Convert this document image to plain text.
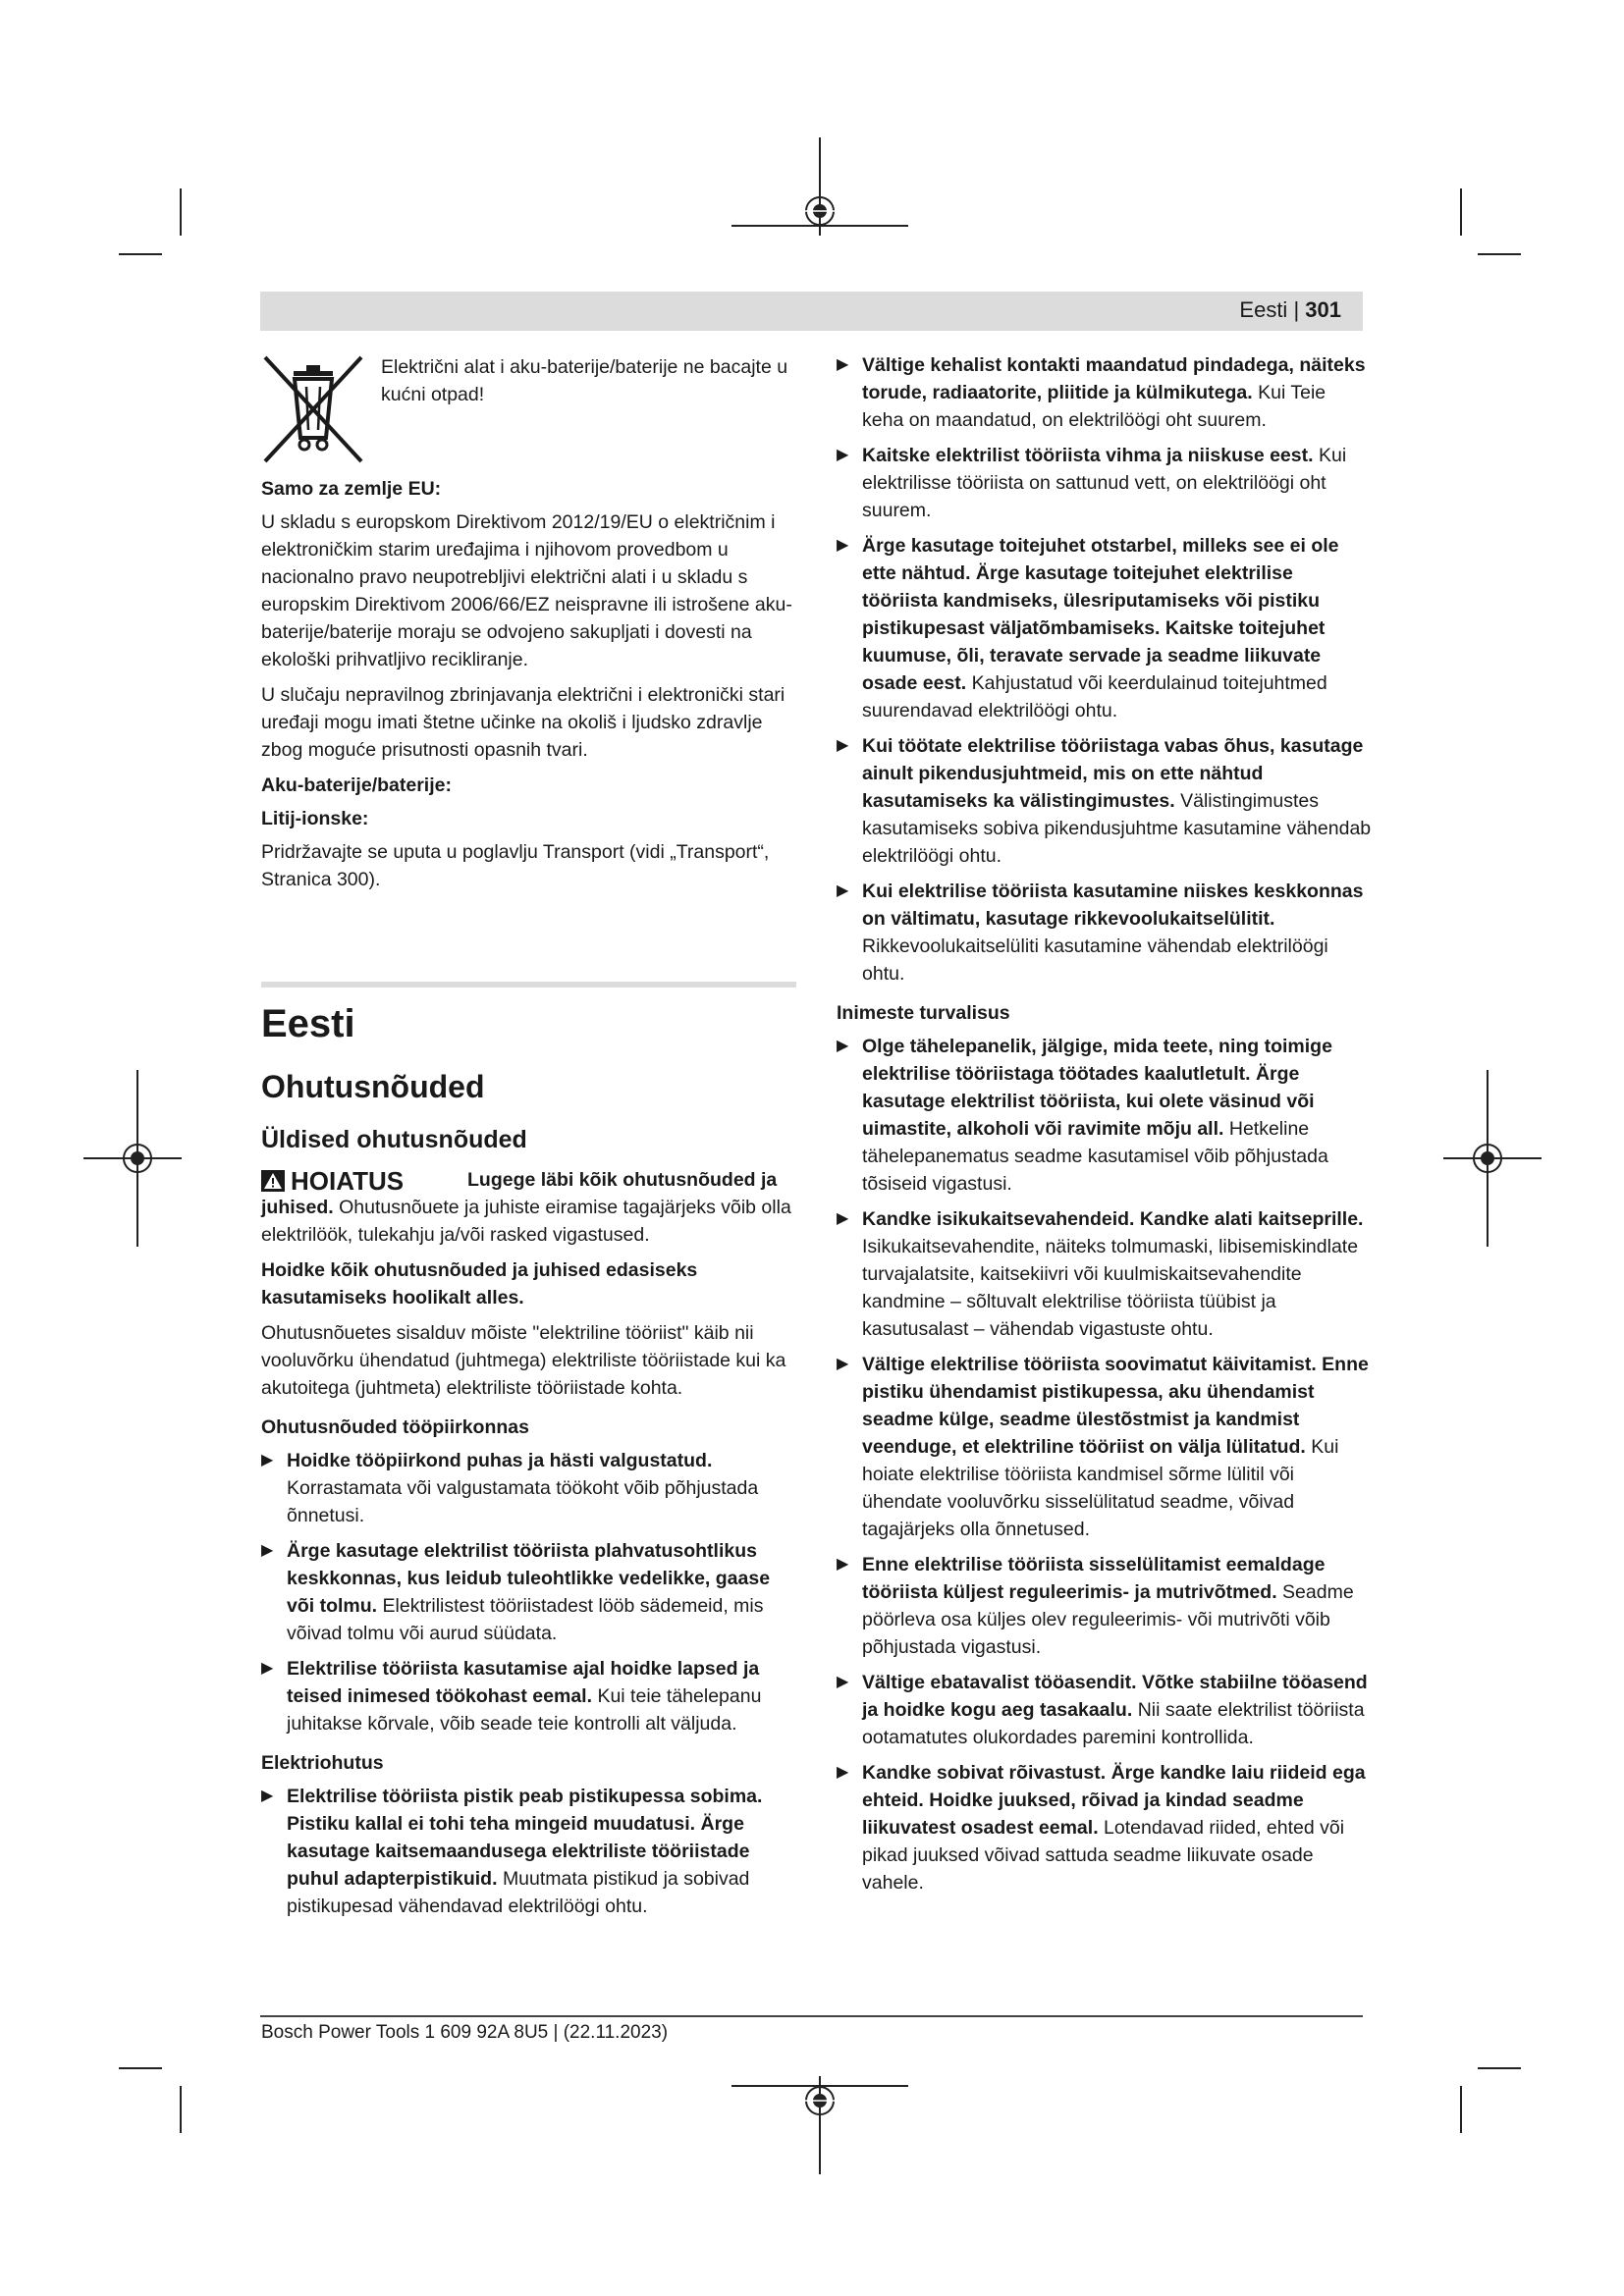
Eesti | 301
Električni alat i aku-baterije/baterije ne bacajte u kućni otpad!
Samo za zemlje EU:

U skladu s europskom Direktivom 2012/19/EU o električnim i elektroničkim starim uređajima i njihovom provedbom u nacionalno pravo neupotrebljivi električni alati i u skladu s europskim Direktivom 2006/66/EZ neispravne ili istrošene aku-baterije/baterije moraju se odvojeno sakupljati i dovesti na ekološki prihvatljivo recikliranje.

U slučaju nepravilnog zbrinjavanja električni i elektronički stari uređaji mogu imati štetne učinke na okoliš i ljudsko zdravlje zbog moguće prisutnosti opasnih tvari.

Aku-baterije/baterije:
Litij-ionske:

Pridržavajte se uputa u poglavlju Transport (vidi „Transport“, Stranica 300).

Eesti
Ohutusnõuded
Üldised ohutusnõuded
HOIATUS	Lugege läbi kõik ohutusnõuded ja juhised. Ohutusnõuete ja juhiste eiramise tagajärjeks võib olla elektrilöök, tulekahju ja/või rasked vigastused.

Hoidke kõik ohutusnõuded ja juhised edasiseks kasutamiseks hoolikalt alles.

Ohutusnõuetes sisalduv mõiste "elektriline tööriist" käib nii vooluvõrku ühendatud (juhtmega) elektriliste tööriistade kui ka akutoitega (juhtmeta) elektriliste tööriistade kohta.

Ohutusnõuded tööpiirkonnas
▶ Hoidke tööpiirkond puhas ja hästi valgustatud. Korrastamata või valgustamata töökoht võib põhjustada õnnetusi.
▶ Ärge kasutage elektrilist tööriista plahvatusohtlikus keskkonnas, kus leidub tuleohtlikke vedelikke, gaase või tolmu. Elektrilistest tööriistadest lööb sädemeid, mis võivad tolmu või aurud süüdata.
▶ Elektrilise tööriista kasutamise ajal hoidke lapsed ja teised inimesed töökohast eemal. Kui teie tähelepanu juhitakse kõrvale, võib seade teie kontrolli alt väljuda.
Elektriohutus
▶ Elektrilise tööriista pistik peab pistikupessa sobima. Pistiku kallal ei tohi teha mingeid muudatusi. Ärge kasutage kaitsemaandusega elektriliste tööriistade puhul adapterpistikuid. Muutmata pistikud ja sobivad pistikupesad vähendavad elektrilöögi ohtu.
▶ Vältige kehalist kontakti maandatud pindadega, näiteks torude, radiaatorite, pliitide ja külmikutega. Kui Teie keha on maandatud, on elektrilöögi oht suurem.
▶ Kaitske elektrilist tööriista vihma ja niiskuse eest. Kui elektrilisse tööriista on sattunud vett, on elektrilöögi oht suurem.
▶ Ärge kasutage toitejuhet otstarbel, milleks see ei ole ette nähtud. Ärge kasutage toitejuhet elektrilise tööriista kandmiseks, ülesriputamiseks või pistiku pistikupesast väljatõmbamiseks. Kaitske toitejuhet kuumuse, õli, teravate servade ja seadme liikuvate osade eest. Kahjustatud või keerdulainud toitejuhtmed suurendavad elektrilöögi ohtu.
▶ Kui töötate elektrilise tööriistaga vabas õhus, kasutage ainult pikendusjuhtmeid, mis on ette nähtud kasutamiseks ka välistingimustes. Välistingimustes kasutamiseks sobiva pikendusjuhtme kasutamine vähendab elektrilöögi ohtu.
▶ Kui elektrilise tööriista kasutamine niiskes keskkonnas on vältimatu, kasutage rikkevoolukaitselülitit. Rikkevoolukaitselüliti kasutamine vähendab elektrilöögi ohtu.
Inimeste turvalisus
▶ Olge tähelepanelik, jälgige, mida teete, ning toimige elektrilise tööriistaga töötades kaalutletult. Ärge kasutage elektrilist tööriista, kui olete väsinud või uimastite, alkoholi või ravimite mõju all. Hetkeline tähelepanematus seadme kasutamisel võib põhjustada tõsiseid vigastusi.
▶ Kandke isikukaitsevahendeid. Kandke alati kaitseprille. Isikukaitsevahendite, näiteks tolmumaski, libisemiskindlate turvajalatsite, kaitsekiivri või kuulmiskaitsevahendite kandmine – sõltuvalt elektrilise tööriista tüübist ja kasutusalast – vähendab vigastuste ohtu.
▶ Vältige elektrilise tööriista soovimatut käivitamist. Enne pistiku ühendamist pistikupessa, aku ühendamist seadme külge, seadme ülestõstmist ja kandmist veenduge, et elektriline tööriist on välja lülitatud. Kui hoiate elektrilise tööriista kandmisel sõrme lülitil või ühendate vooluvõrku sisselülitatud seadme, võivad tagajärjeks olla õnnetused.
▶ Enne elektrilise tööriista sisselülitamist eemaldage tööriista küljest reguleerimis- ja mutrivõtmed. Seadme pöörleva osa küljes olev reguleerimis- või mutrivõti võib põhjustada vigastusi.
▶ Vältige ebatavalist tööasendit. Võtke stabiilne tööasend ja hoidke kogu aeg tasakaalu. Nii saate elektrilist tööriista ootamatutes olukordades paremini kontrollida.
▶ Kandke sobivat rõivastust. Ärge kandke laiu riideid ega ehteid. Hoidke juuksed, rõivad ja kindad seadme liikuvatest osadest eemal. Lotendavad riided, ehted või pikad juuksed võivad sattuda seadme liikuvate osade vahele.
Bosch Power Tools 1 609 92A 8U5 | (22.11.2023)
